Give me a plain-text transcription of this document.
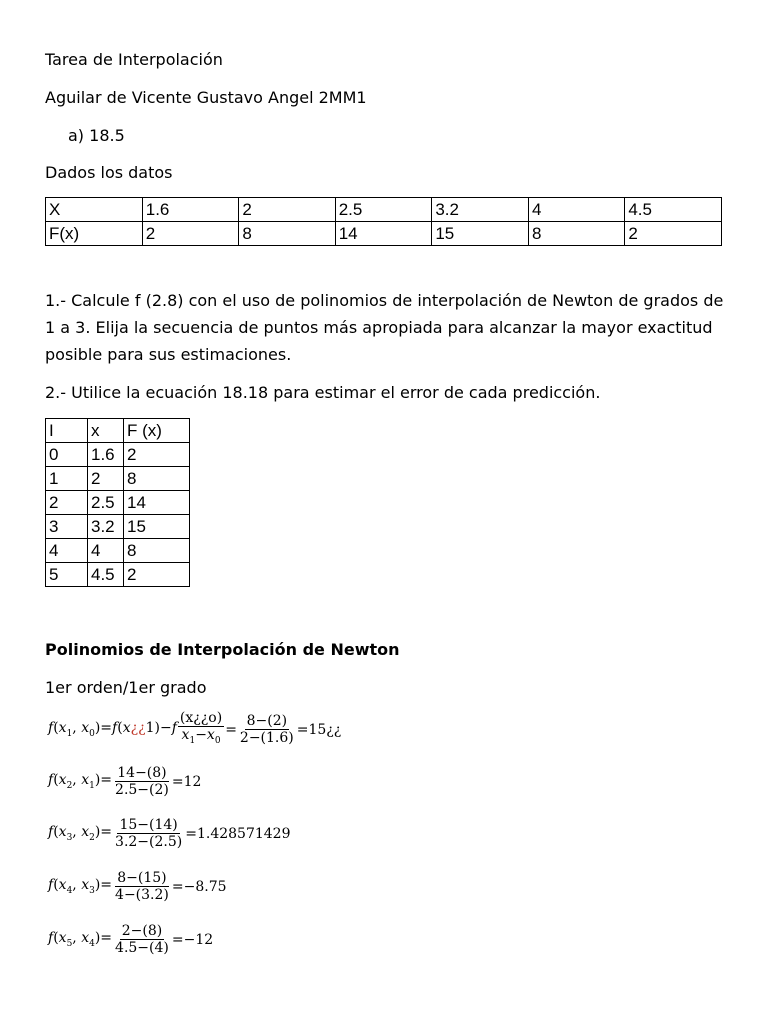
Tarea de Interpolación
Aguilar de Vicente Gustavo Angel 2MM1
a) 18.5
Dados los datos
X	1.6	2	2.5	3.2	4	4.5
F(x)	2	8	14	15	8	2
1.- Calcule f (2.8) con el uso de polinomios de interpolación de Newton de grados de 1 a 3. Elija la secuencia de puntos más apropiada para alcanzar la mayor exactitud posible para sus estimaciones.
2.- Utilice la ecuación 18.18 para estimar el error de cada predicción.
I	x	F (x)
0	1.6	2
1	2	8
2	2.5	14
3	3.2	15
4	4	8
5	4.5	2
Polinomios de Interpolación de Newton
1er orden/1er grado
$f(x_1$, $x_0)=f(x¿¿1)-f \frac{(x¿¿o)}{x_1-x_0} = \frac{8-(2)}{2-(1.6)}$ =15¿¿
$f(x_2$, $x_1)= \frac{14-(8)}{2.5-(2)} =12$
$f(x_3$, $x_2)= \frac{15-(14)}{3.2-(2.5)} =1.428571429$
$f(x_4$, $x_3)= \frac{8-(15)}{4-(3.2)} =-8.75$
$f(x_5$, $x_4)= \frac{2-(8)}{4.5-(4)} =-12$
